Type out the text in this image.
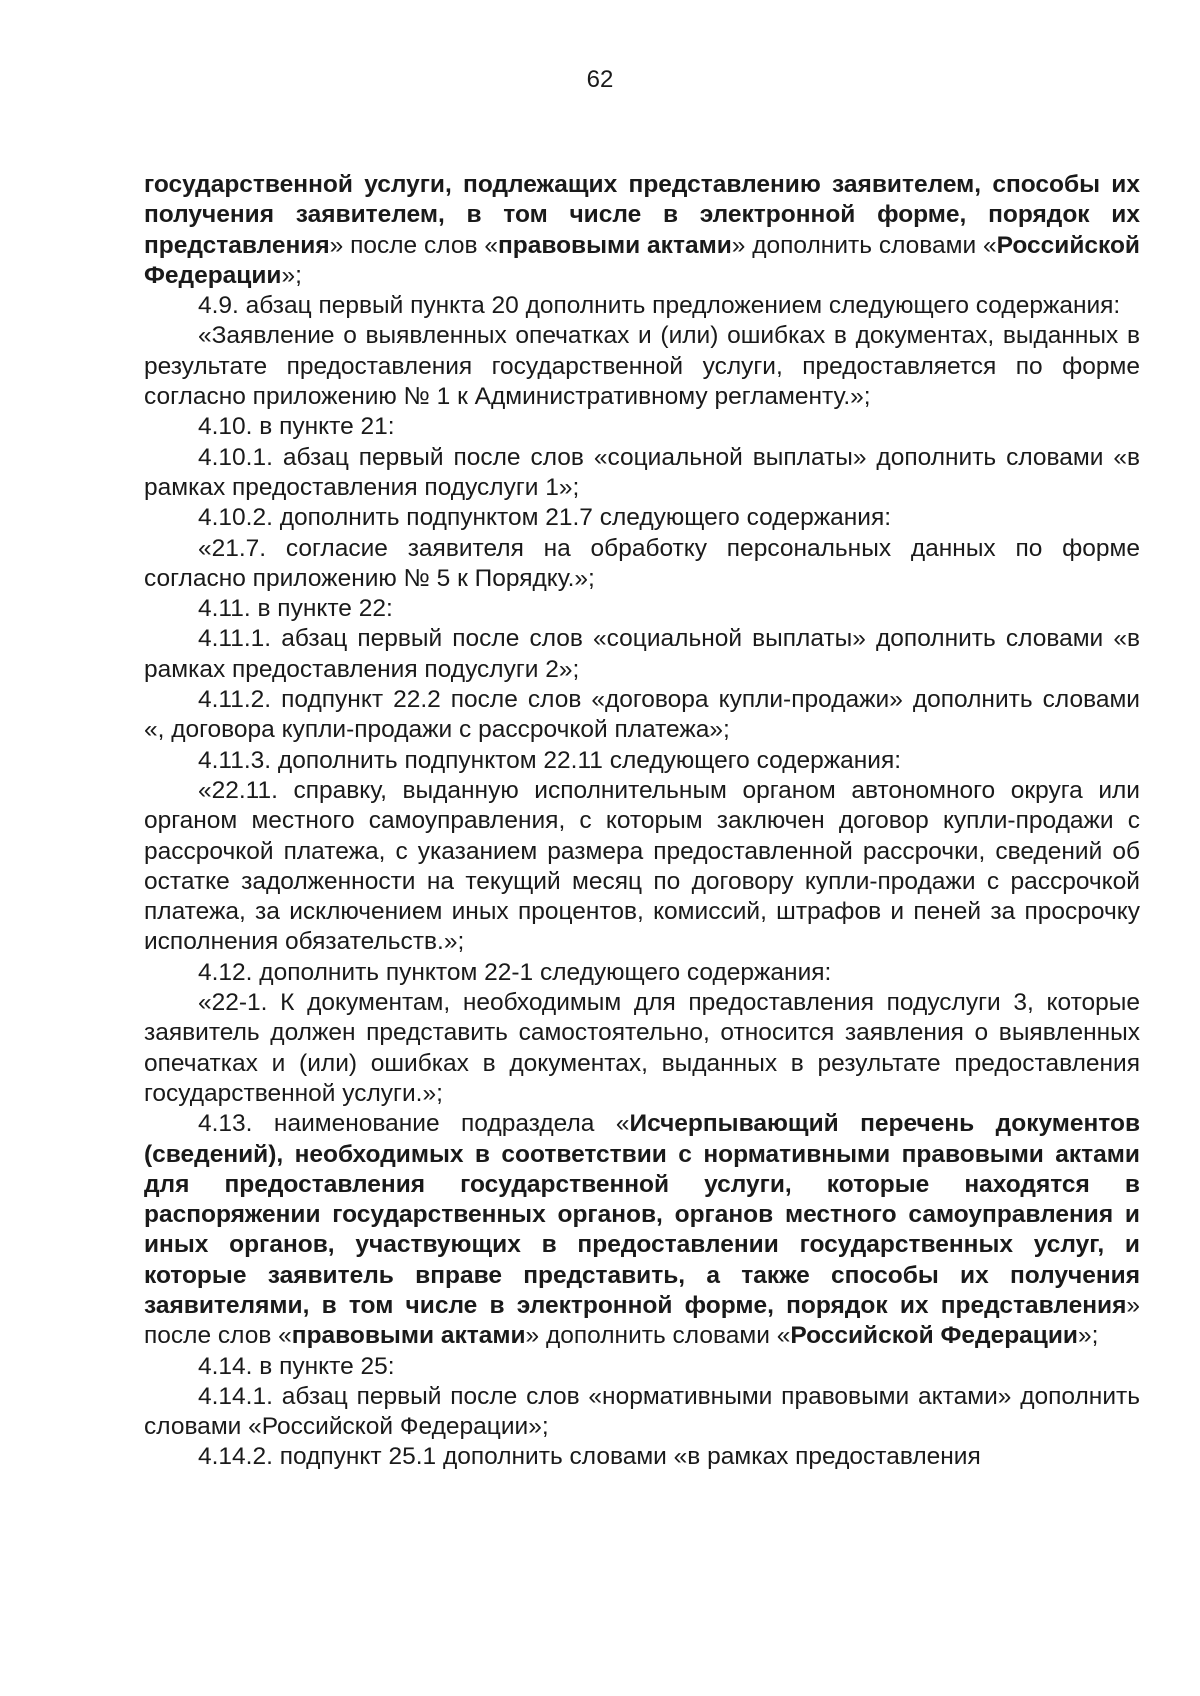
62

государственной услуги, подлежащих представлению заявителем, способы их получения заявителем, в том числе в электронной форме, порядок их представления» после слов «правовыми актами» дополнить словами «Российской Федерации»;

4.9. абзац первый пункта 20 дополнить предложением следующего содержания:

«Заявление о выявленных опечатках и (или) ошибках в документах, выданных в результате предоставления государственной услуги, предоставляется по форме согласно приложению № 1 к Административному регламенту.»;

4.10. в пункте 21:

4.10.1. абзац первый после слов «социальной выплаты» дополнить словами «в рамках предоставления подуслуги 1»;

4.10.2. дополнить подпунктом 21.7 следующего содержания:

«21.7. согласие заявителя на обработку персональных данных по форме согласно приложению № 5 к Порядку.»;

4.11. в пункте 22:

4.11.1. абзац первый после слов «социальной выплаты» дополнить словами «в рамках предоставления подуслуги 2»;

4.11.2. подпункт 22.2 после слов «договора купли-продажи» дополнить словами «, договора купли-продажи с рассрочкой платежа»;

4.11.3. дополнить подпунктом 22.11 следующего содержания:

«22.11. справку, выданную исполнительным органом автономного округа или органом местного самоуправления, с которым заключен договор купли-продажи с рассрочкой платежа, с указанием размера предоставленной рассрочки, сведений об остатке задолженности на текущий месяц по договору купли-продажи с рассрочкой платежа, за исключением иных процентов, комиссий, штрафов и пеней за просрочку исполнения обязательств.»;

4.12. дополнить пунктом 22-1 следующего содержания:

«22-1. К документам, необходимым для предоставления подуслуги 3, которые заявитель должен представить самостоятельно, относится заявления о выявленных опечатках и (или) ошибках в документах, выданных в результате предоставления государственной услуги.»;

4.13. наименование подраздела «Исчерпывающий перечень документов (сведений), необходимых в соответствии с нормативными правовыми актами для предоставления государственной услуги, которые находятся в распоряжении государственных органов, органов местного самоуправления и иных органов, участвующих в предоставлении государственных услуг, и которые заявитель вправе представить, а также способы их получения заявителями, в том числе в электронной форме, порядок их представления» после слов «правовыми актами» дополнить словами «Российской Федерации»;

4.14. в пункте 25:

4.14.1. абзац первый после слов «нормативными правовыми актами» дополнить словами «Российской Федерации»;

4.14.2. подпункт 25.1 дополнить словами «в рамках предоставления
